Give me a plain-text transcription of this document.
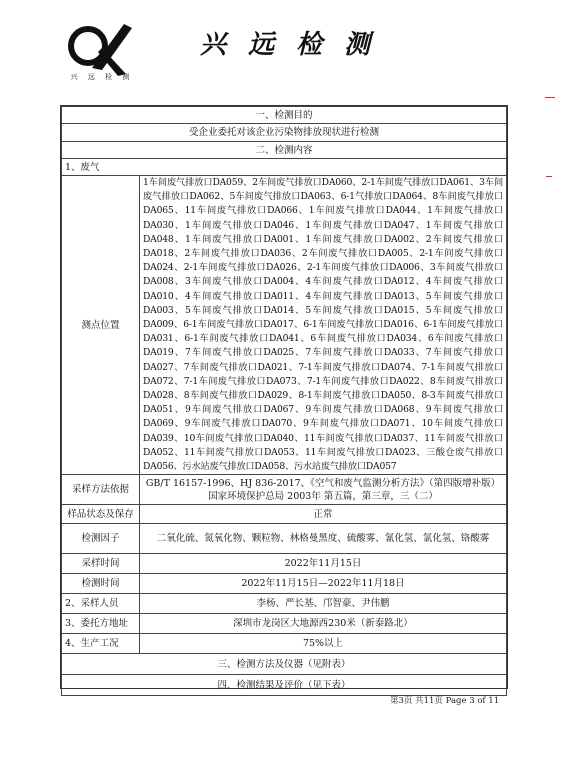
兴 远 检 测
兴远检测
一、检测目的	
受企业委托对该企业污染物排放现状进行检测	
二、检测内容	
1、废气	
测点位置	1车间废气排放口DA059、2车间废气排放口DA060、2-1车间废气排放口DA061、3车间废气排放口DA062、5车间废气排放口DA063、6-1气排放口DA064、8车间废气排放口DA065、11车间废气排放口DA066、1车间废气排放口DA044、1车间废气排放口DA030、1车间废气排放口DA046、1车间废气排放口DA047、1车间废气排放口DA048、1车间废气排放口DA001、1车间废气排放口DA002、2车间废气排放口DA018、2车间废气排放口DA036、2车间废气排放口DA005、2-1车间废气排放口DA024、2-1车间废气排放口DA026、2-1车间废气排放口DA006、3车间废气排放口DA008、3车间废气排放口DA004、4车间废气排放口DA012、4车间废气排放口DA010、4车间废气排放口DA011、4车间废气排放口DA013、5车间废气排放口DA003、5车间废气排放口DA014、5车间废气排放口DA015、5车间废气排放口DA009、6-1车间废气排放口DA017、6-1车间废气排放口DA016、6-1车间废气排放口DA031、6-1车间废气排放口DA041、6车间废气排放口DA034、6车间废气排放口DA019、7车间废气排放口DA025、7车间废气排放口DA033、7车间废气排放口DA027、7车间废气排放口DA021、7-1车间废气排放口DA074、7-1车间废气排放口DA072、7-1车间废气排放口DA073、7-1车间废气排放口DA022、8车间废气排放口DA028、8车间废气排放口DA029、8-1车间废气排放口DA050、8-3车间废气排放口DA051、9车间废气排放口DA067、9车间废气排放口DA068、9车间废气排放口DA069、9车间废气排放口DA070、9车间废气排放口DA071、10车间废气排放口DA039、10车间废气排放口DA040、11车间废气排放口DA037、11车间废气排放口DA052、11车间废气排放口DA053、11车间废气排放口DA023、三酸仓废气排放口DA056、污水站废气排放口DA058、污水站废气排放口DA057
采样方法依据	GB/T 16157-1996、HJ 836-2017、《空气和废气监测分析方法》（第四版增补版）国家环境保护总局 2003年 第五篇，第三章，三（二）
样品状态及保存	正常
检测因子	二氧化硫、氮氧化物、颗粒物、林格曼黑度、硫酸雾、氰化氢、氯化氢、铬酸雾
采样时间	2022年11月15日
检测时间	2022年11月15日—2022年11月18日
2、采样人员	李杨、严长基、邝智豪、尹伟鹏
3、委托方地址	深圳市龙岗区大地源西230米（新泰路北）
4、生产工况	75%以上
三、检测方法及仪器（见附表）	
四、检测结果及评价（见下表）	
第3页 共11页 Page 3 of 11
